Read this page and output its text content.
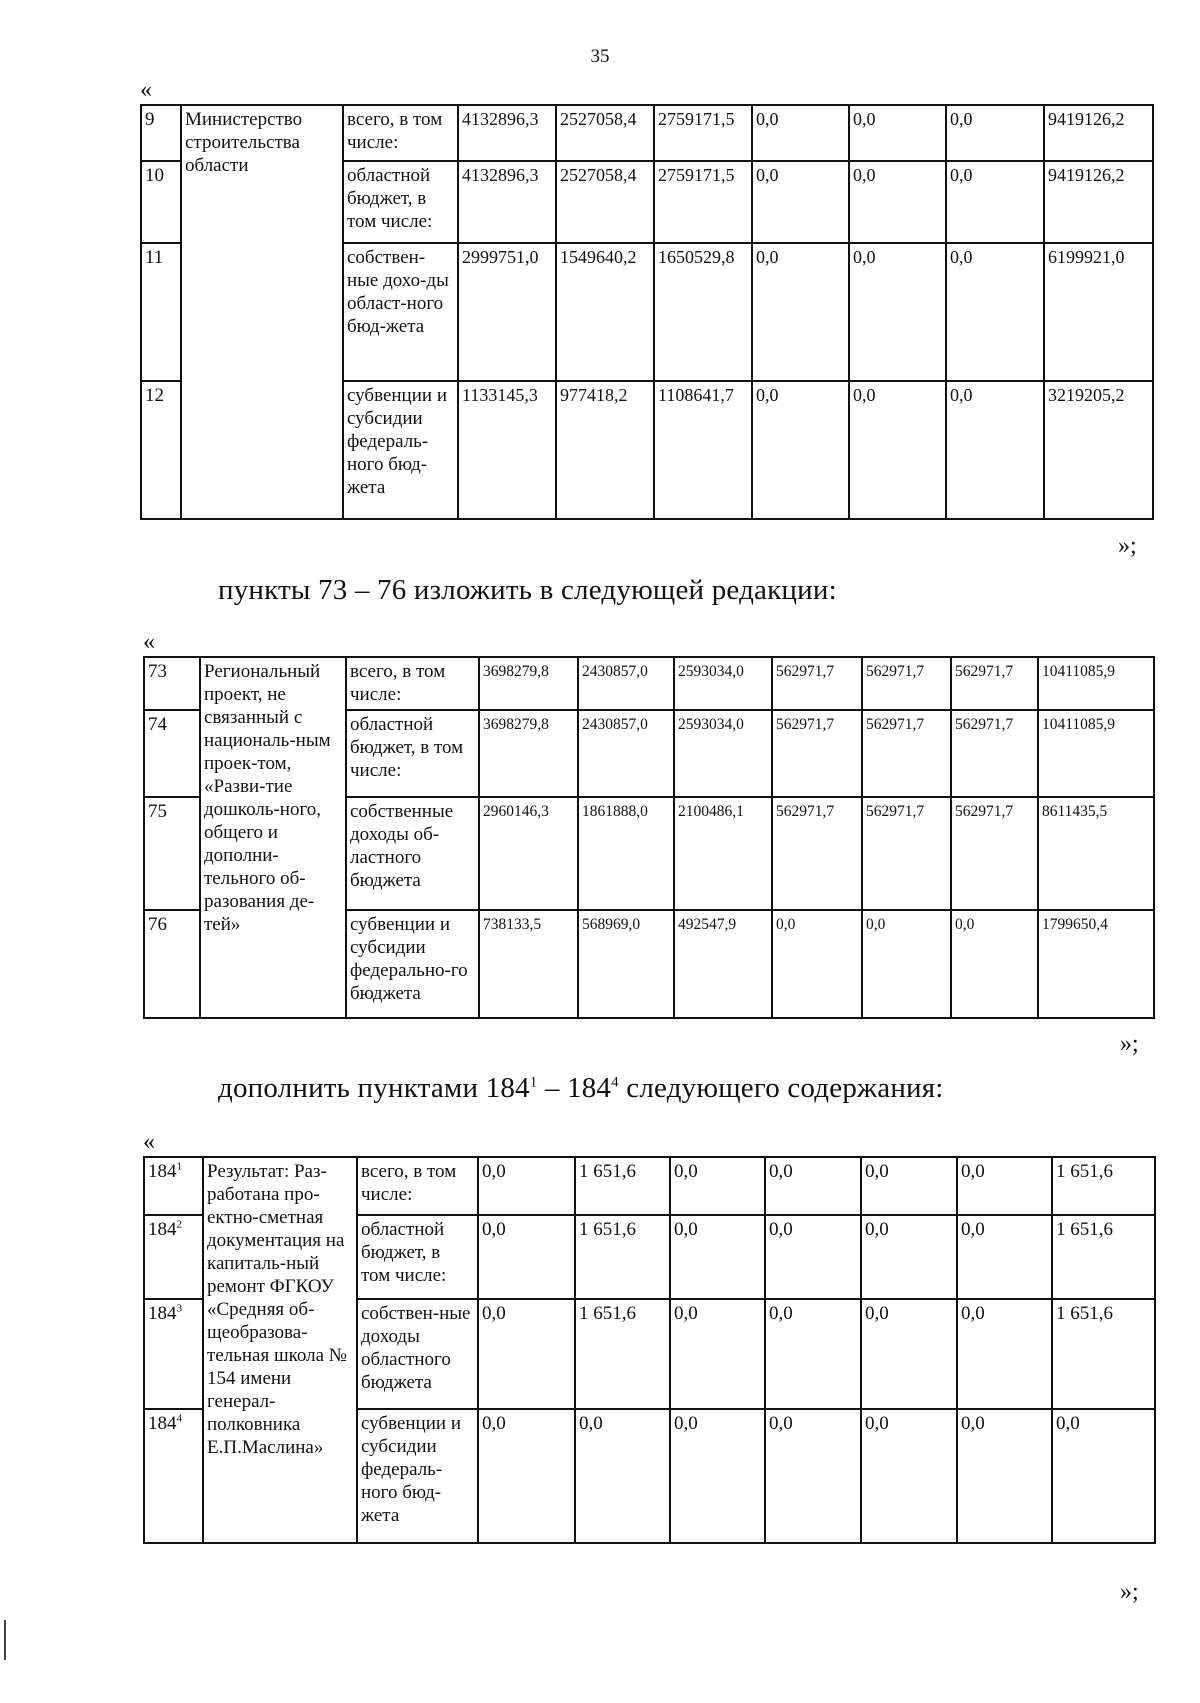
35
«
9	Министерство строительства области	всего, в том числе:	4132896,3	2527058,4	2759171,5	0,0	0,0	0,0	9419126,2
10		областной бюджет, в том числе:	4132896,3	2527058,4	2759171,5	0,0	0,0	0,0	9419126,2
11		собствен-ные дохо-ды област-ного бюд-жета	2999751,0	1549640,2	1650529,8	0,0	0,0	0,0	6199921,0
12		субвенции и субсидии федераль-ного бюд-жета	1133145,3	977418,2	1108641,7	0,0	0,0	0,0	3219205,2
»;
пункты 73 – 76 изложить в следующей редакции:
«
73	Региональный проект, не связанный с националь-ным проек-том, «Разви-тие дошколь-ного, общего и дополни-тельного об-разования де-тей»	всего, в том числе:	3698279,8	2430857,0	2593034,0	562971,7	562971,7	562971,7	10411085,9
74		областной бюджет, в том числе:	3698279,8	2430857,0	2593034,0	562971,7	562971,7	562971,7	10411085,9
75		собственные доходы об-ластного бюджета	2960146,3	1861888,0	2100486,1	562971,7	562971,7	562971,7	8611435,5
76		субвенции и субсидии федерально-го бюджета	738133,5	568969,0	492547,9	0,0	0,0	0,0	1799650,4
»;
дополнить пунктами $184^1 - 184^4$ следующего содержания:
«
$184^1$	Результат: Раз-работана про-ектно-сметная документация на капиталь-ный ремонт ФГКОУ «Средняя об-щеобразова-тельная школа № 154 имени генерал-полковника Е.П.Маслина»	всего, в том числе:	0,0	1 651,6	0,0	0,0	0,0	0,0	1 651,6
$184^2$		областной бюджет, в том числе:	0,0	1 651,6	0,0	0,0	0,0	0,0	1 651,6
$184^3$		собствен-ные доходы областного бюджета	0,0	1 651,6	0,0	0,0	0,0	0,0	1 651,6
$184^4$		субвенции и субсидии федераль-ного бюд-жета	0,0	0,0	0,0	0,0	0,0	0,0	0,0
»;
